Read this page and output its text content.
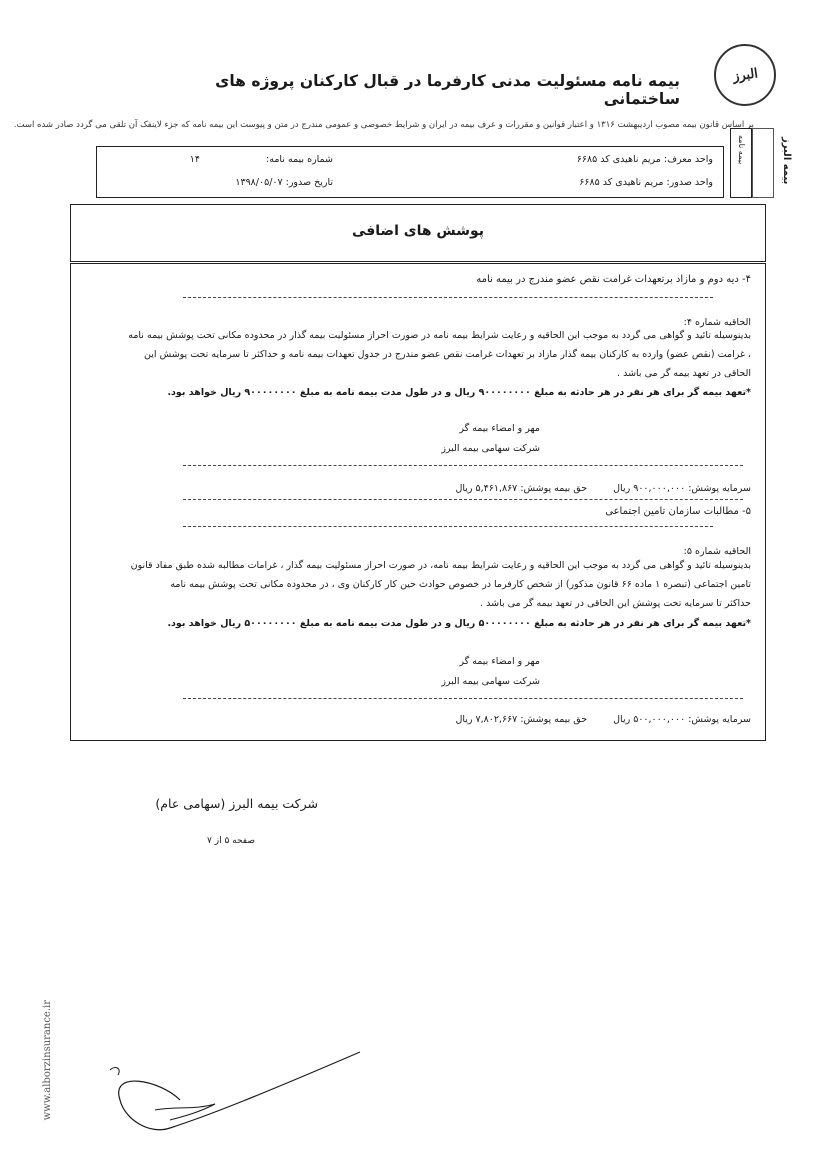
البرز
بیمه نامه مسئولیت مدنی کارفرما در قبال کارکنان پروژه های ساختمانی
بر اساس قانون بیمه مصوب اردیبهشت ۱۳۱۶ و اعتبار قوانین و مقررات و عرف بیمه در ایران و شرایط خصوصی و عمومی مندرج در متن و پیوست این بیمه نامه که جزء لاینفک آن تلقی می گردد صادر شده است.
بیمه نامه	بیمه البرز
واحد معرف: مریم ناهیدی کد ۶۶۸۵
واحد صدور: مریم ناهیدی کد ۶۶۸۵
شماره بیمه نامه:  ۱۴
تاریخ صدور: ۱۳۹۸/۰۵/۰۷
پوشش های اضافی
۴- دیه دوم و مازاد برتعهدات غرامت نقص عضو مندرج در بیمه نامه
الحاقیه شماره ۴:
بدینوسیله تائید و گواهی می گردد به موجب این الحاقیه و رعایت شرایط بیمه نامه در صورت احراز مسئولیت بیمه گذار در محدوده مکانی تحت پوشش بیمه نامه
، غرامت (نقص عضو) وارده به کارکنان بیمه گذار مازاد بر تعهدات غرامت نقص عضو مندرج در جدول تعهدات بیمه نامه و حداکثر تا سرمایه تحت پوشش این
الحاقی در تعهد بیمه گر می باشد .
*تعهد بیمه گر برای هر نفر در هر حادثه به مبلغ ۹۰۰۰۰۰۰۰۰ ریال و در طول مدت بیمه نامه به مبلغ ۹۰۰۰۰۰۰۰۰ ریال خواهد بود.
مهر و امضاء بیمه گر
شرکت سهامی بیمه البرز
سرمایه پوشش: ۹۰۰,۰۰۰,۰۰۰ ریال  حق بیمه پوشش: ۵,۴۶۱,۸۶۷ ریال
۵- مطالبات سازمان تامین اجتماعی
الحاقیه شماره ۵:
بدینوسیله تائید و گواهی می گردد به موجب این الحاقیه و رعایت شرایط بیمه نامه، در صورت احراز مسئولیت بیمه گذار ، غرامات مطالبه شده طبق مفاد قانون
تامین اجتماعی (تبصره ۱ ماده ۶۶ قانون مذکور) از شخص کارفرما در خصوص حوادث حین کار کارکنان وی ، در محدوده مکانی تحت پوشش بیمه نامه
حداکثر تا سرمایه تحت پوشش این الحاقی در تعهد بیمه گر می باشد .
*تعهد بیمه گر برای هر نفر در هر حادثه به مبلغ ۵۰۰۰۰۰۰۰۰ ریال و در طول مدت بیمه نامه به مبلغ ۵۰۰۰۰۰۰۰۰ ریال خواهد بود.
مهر و امضاء بیمه گر
شرکت سهامی بیمه البرز
سرمایه پوشش: ۵۰۰,۰۰۰,۰۰۰ ریال  حق بیمه پوشش: ۷,۸۰۲,۶۶۷ ریال
شرکت بیمه البرز (سهامی عام)
صفحه ۵ از ۷
www.alborzinsurance.ir
